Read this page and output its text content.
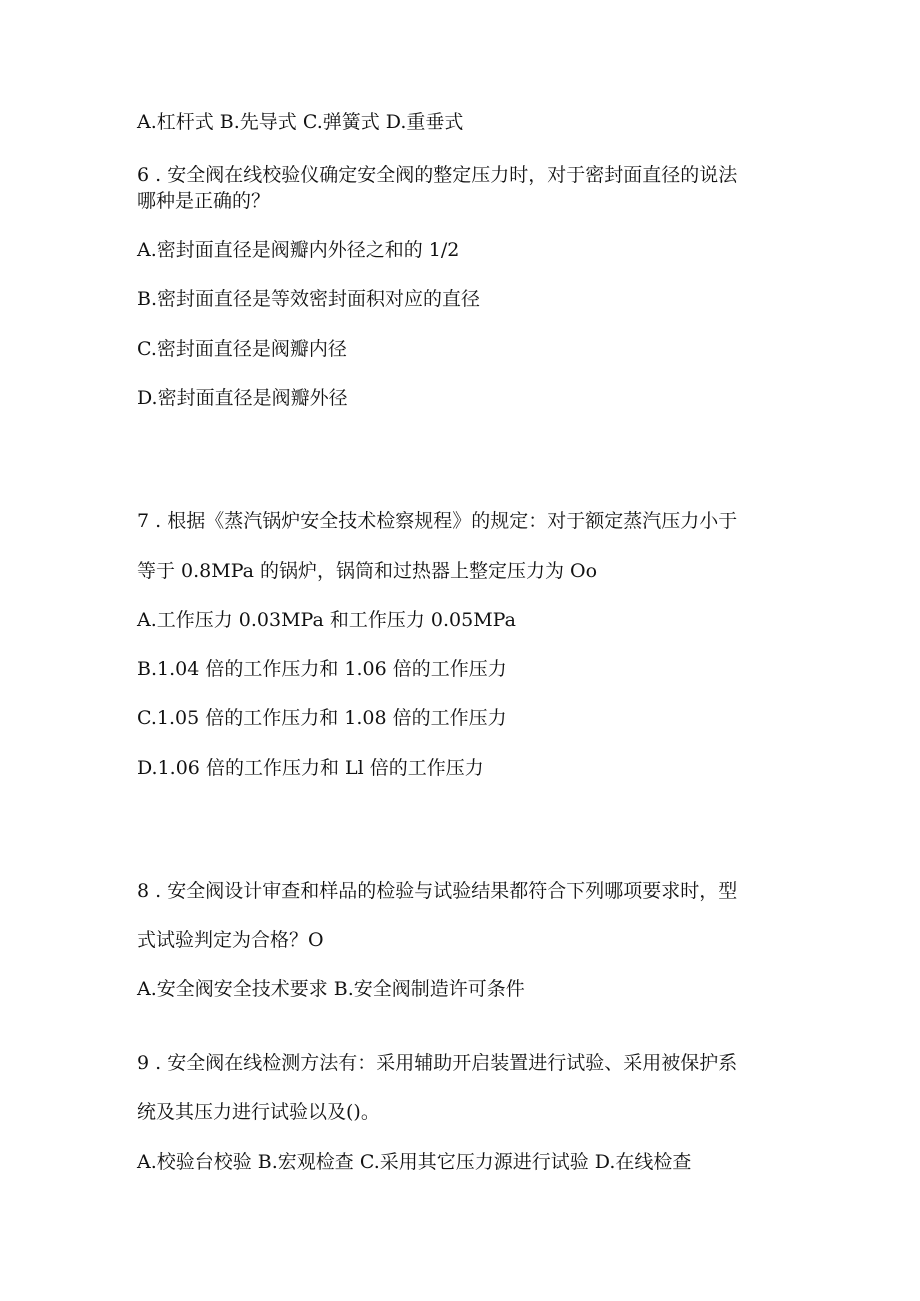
A.杠杆式 B.先导式 C.弹簧式 D.重垂式

6 . 安全阀在线校验仪确定安全阀的整定压力时，对于密封面直径的说法

哪种是正确的？

A.密封面直径是阀瓣内外径之和的 1/2

B.密封面直径是等效密封面积对应的直径

C.密封面直径是阀瓣内径

D.密封面直径是阀瓣外径

7 . 根据《蒸汽锅炉安全技术检察规程》的规定：对于额定蒸汽压力小于

等于 0.8MPa 的锅炉，锅筒和过热器上整定压力为 Oo

A.工作压力 0.03MPa 和工作压力 0.05MPa

B.1.04 倍的工作压力和 1.06 倍的工作压力

C.1.05 倍的工作压力和 1.08 倍的工作压力

D.1.06 倍的工作压力和 Ll 倍的工作压力

8 . 安全阀设计审查和样品的检验与试验结果都符合下列哪项要求时，型

式试验判定为合格？O

A.安全阀安全技术要求 B.安全阀制造许可条件

9 . 安全阀在线检测方法有：采用辅助开启装置进行试验、采用被保护系

统及其压力进行试验以及()。

A.校验台校验 B.宏观检查 C.采用其它压力源进行试验 D.在线检查
